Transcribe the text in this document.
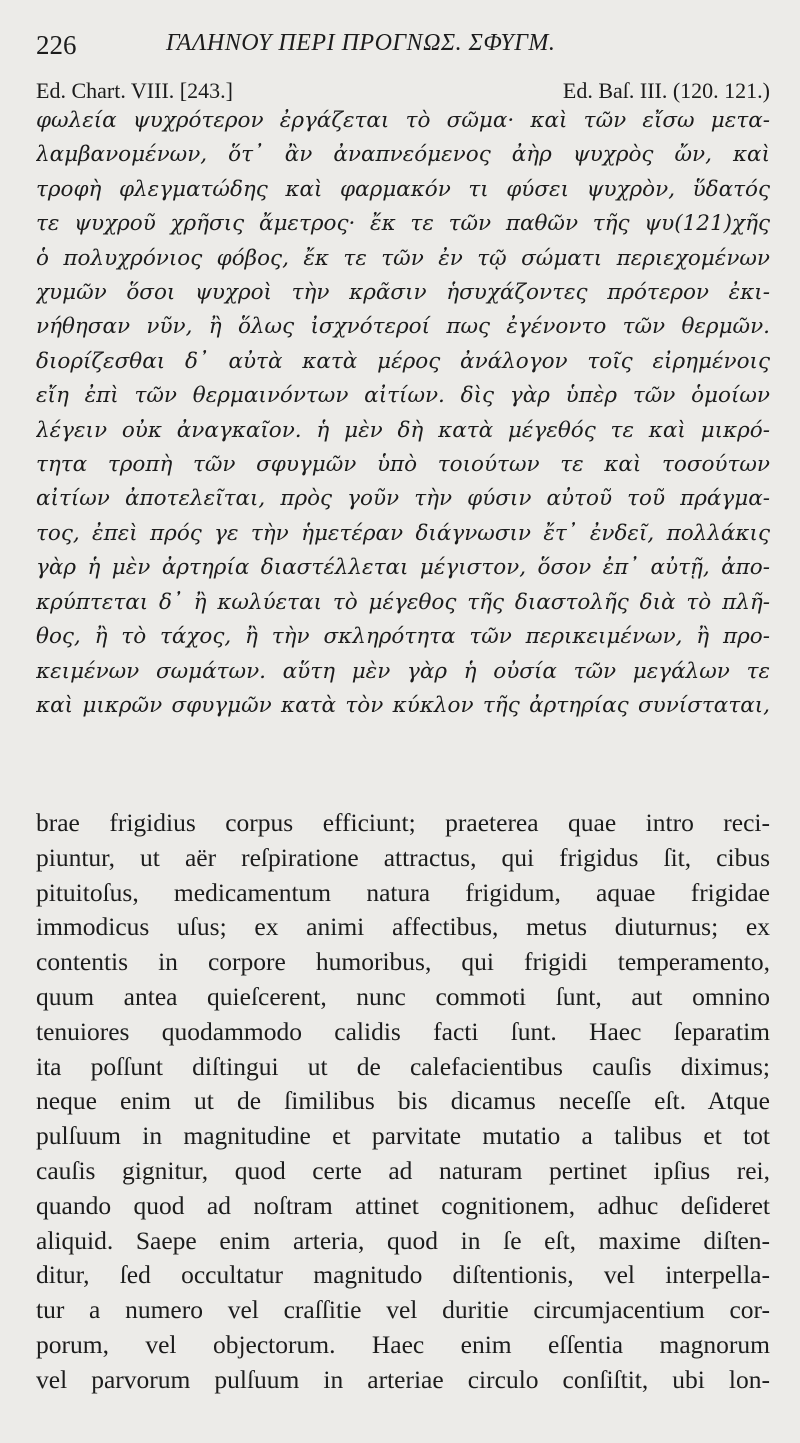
226	ΓΑΛΗΝΟΥ ΠΕΡΙ ΠΡΟΓΝΩΣ. ΣΦΥΓΜ.
Ed. Chart. VIII. [243.]	Ed. Baſ. III. (120. 121.)
φωλεία ψυχρότερον ἐργάζεται τὸ σῶμα· καὶ τῶν εἴσω μετα-
λαμβανομένων, ὅτ᾽ ἂν ἀναπνεόμενος ἀὴρ ψυχρὸς ὤν, καὶ
τροφὴ φλεγματώδης καὶ φαρμακόν τι φύσει ψυχρὸν, ὕδατός
τε ψυχροῦ χρῆσις ἄμετρος· ἔκ τε τῶν παθῶν τῆς ψυ(121)χῆς
ὁ πολυχρόνιος φόβος, ἔκ τε τῶν ἐν τῷ σώματι περιεχομένων
χυμῶν ὅσοι ψυχροὶ τὴν κρᾶσιν ἡσυχάζοντες πρότερον ἐκι-
νήθησαν νῦν, ἢ ὅλως ἰσχνότεροί πως ἐγένοντο τῶν θερμῶν.
διορίζεσθαι δ᾽ αὐτὰ κατὰ μέρος ἀνάλογον τοῖς εἰρημένοις
εἴη ἐπὶ τῶν θερμαινόντων αἰτίων. δὶς γὰρ ὑπὲρ τῶν ὁμοίων
λέγειν οὐκ ἀναγκαῖον. ἡ μὲν δὴ κατὰ μέγεθός τε καὶ μικρό-
τητα τροπὴ τῶν σφυγμῶν ὑπὸ τοιούτων τε καὶ τοσούτων
αἰτίων ἀποτελεῖται, πρὸς γοῦν τὴν φύσιν αὐτοῦ τοῦ πράγμα-
τος, ἐπεὶ πρός γε τὴν ἡμετέραν διάγνωσιν ἔτ᾽ ἐνδεῖ, πολλάκις
γὰρ ἡ μὲν ἀρτηρία διαστέλλεται μέγιστον, ὅσον ἐπ᾽ αὐτῇ, ἀπο-
κρύπτεται δ᾽ ἢ κωλύεται τὸ μέγεθος τῆς διαστολῆς διὰ τὸ πλῆ-
θος, ἢ τὸ τάχος, ἢ τὴν σκληρότητα τῶν περικειμένων, ἢ προ-
κειμένων σωμάτων. αὕτη μὲν γὰρ ἡ οὐσία τῶν μεγάλων τε
καὶ μικρῶν σφυγμῶν κατὰ τὸν κύκλον τῆς ἀρτηρίας συνίσταται,
brae frigidius corpus efficiunt; praeterea quae intro reci-
piuntur, ut aër reſpiratione attractus, qui frigidus ſit, cibus
pituitoſus, medicamentum natura frigidum, aquae frigidae
immodicus uſus; ex animi affectibus, metus diuturnus; ex
contentis in corpore humoribus, qui frigidi temperamento,
quum antea quieſcerent, nunc commoti ſunt, aut omnino
tenuiores quodammodo calidis facti ſunt. Haec ſeparatim
ita poſſunt diſtingui ut de calefacientibus cauſis diximus;
neque enim ut de ſimilibus bis dicamus neceſſe eſt. Atque
pulſuum in magnitudine et parvitate mutatio a talibus et tot
cauſis gignitur, quod certe ad naturam pertinet ipſius rei,
quando quod ad noſtram attinet cognitionem, adhuc deſideret
aliquid. Saepe enim arteria, quod in ſe eſt, maxime diſten-
ditur, ſed occultatur magnitudo diſtentionis, vel interpella-
tur a numero vel craſſitie vel duritie circumjacentium cor-
porum, vel objectorum. Haec enim eſſentia magnorum
vel parvorum pulſuum in arteriae circulo conſiſtit, ubi lon-
